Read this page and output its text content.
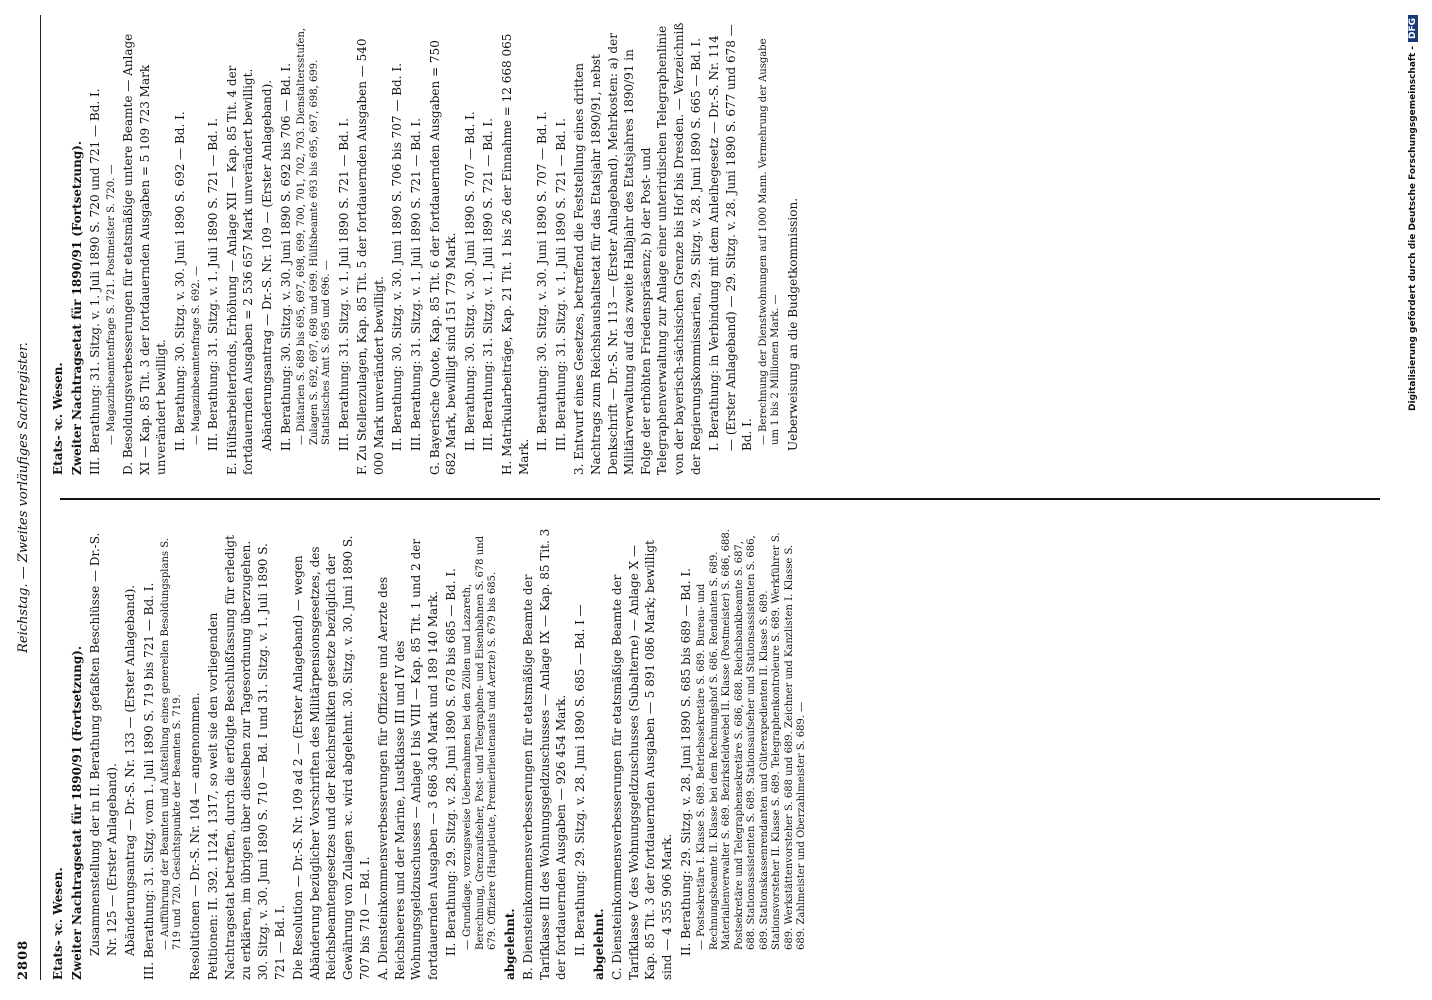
2808
Reichstag. — Zweites vorläufiges Sachregister.

Etats- ꝛc. Wesen. Zweiter Nachtragsetat für 1890/91 (Fortsetzung). Zusammenstellung der in II. Berathung gefaßten Beschlüsse — Dr.-S. Nr. 125 — (Erster Anlageband). Abänderungsantrag — Dr.-S. Nr. 133 — (Erster Anlageband). III. Berathung: 31. Sitzg. vom 1. Juli 1890 S. 719 bis 721 — Bd. I. — Aufführung der Beamten und Aufstellung eines generellen Besoldungsplans S. 719 und 720. Gesichtspunkte der Beamten S. 719. Resolutionen — Dr.-S. Nr. 104 — angenommen. Petitionen: II. 392. 1124. 1317, so weit sie den vorliegenden Nachtragsetat betreffen, durch die erfolgte Beschlußfassung für erledigt zu erklären, im übrigen über dieselben zur Tagesordnung überzugehen. 30. Sitzg. v. 30. Juni 1890 S. 710 — Bd. I und 31. Sitzg. v. 1. Juli 1890 S. 721 — Bd. I. Die Resolution — Dr.-S. Nr. 109 ad 2 — (Erster Anlageband) — wegen Abänderung bezüglicher Vorschriften des Militärpensionsgesetzes, des Reichsbeamtengesetzes und der Reichsrelikten gesetze bezüglich der Gewährung von Zulagen ꝛc. wird abgelehnt. 30. Sitzg. v. 30. Juni 1890 S. 707 bis 710 — Bd. I. A. Diensteinkommensverbesserungen für Offiziere und Aerzte des Reichsheeres und der Marine, Lustklasse III und IV des Wohnungsgeldzuschusses — Anlage I bis VIII — Kap. 85 Tit. 1 und 2 der fortdauernden Ausgaben — 3 686 340 Mark und 189 140 Mark. II. Berathung: 29. Sitzg. v. 28. Juni 1890 S. 678 bis 685 — Bd. I. — Grundlage, vorzugsweise Uebernahmen bei den Zöllen und Lazareth, Berechnung, Grenzaufseher, Post- und Telegraphen- und Eisenbahnen S. 678 und 679. Offiziere (Hauptleute, Premierlieutenants und Aerzte) S. 679 bis 685. abgelehnt. B. Diensteinkommensverbesserungen für etatsmäßige Beamte der Tarifklasse III des Wohnungsgeldzuschusses — Anlage IX — Kap. 85 Tit. 3 der fortdauernden Ausgaben — 926 454 Mark. II. Berathung: 29. Sitzg. v. 28. Juni 1890 S. 685 — Bd. I — abgelehnt. C. Diensteinkommensverbesserungen für etatsmäßige Beamte der Tarifklasse V des Wohnungsgeldzuschusses (Subalterne) — Anlage X — Kap. 85 Tit. 3 der fortdauernden Ausgaben — 5 891 086 Mark; bewilligt sind — 4 355 906 Mark. II. Berathung: 29. Sitzg. v. 28. Juni 1890 S. 685 bis 689 — Bd. I. — Postsekretäre I. Klasse S. 689. Betriebssekretäre S. 689. Bureau- und Rechnungsbeamte II. Klasse bei dem Rechnungshof S. 686. Rendanten S. 689. Materialienverwalter S. 689. Bezirksfeldwebel II. Klasse (Postmeister) S. 686, 688. Postsekretäre und Telegraphensekretäre S. 686, 688. Reichsbankbeamte S. 687, 688. Stationsassistenten S. 689. Stationsaufseher und Stationsassistenten S. 686, 689. Stationskassenrendanten und Güterexpedienten II. Klasse S. 689. Stationsvorsteher II. Klasse S. 689. Telegraphenkontroleure S. 689. Werkführer S. 689. Werkstättenvorsteher S. 688 und 689. Zeichner und Kanzlisten I. Klasse S. 689. Zahlmeister und Oberzahlmeister S. 689. —

Etats- ꝛc. Wesen. Zweiter Nachtragsetat für 1890/91 (Fortsetzung). III. Berathung: 31. Sitzg. v. 1. Juli 1890 S. 720 und 721 — Bd. I. — Magazinbeamtenfrage S. 721. Postmeister S. 720. — D. Besoldungsverbesserungen für etatsmäßige untere Beamte — Anlage XI — Kap. 85 Tit. 3 der fortdauernden Ausgaben = 5 109 723 Mark unverändert bewilligt. II. Berathung: 30. Sitzg. v. 30. Juni 1890 S. 692 — Bd. I. — Magazinbeamtenfrage S. 692. — III. Berathung: 31. Sitzg. v. 1. Juli 1890 S. 721 — Bd. I. E. Hülfsarbeiterfonds, Erhöhung — Anlage XII — Kap. 85 Tit. 4 der fortdauernden Ausgaben = 2 536 657 Mark unverändert bewilligt. Abänderungsantrag — Dr.-S. Nr. 109 — (Erster Anlageband). II. Berathung: 30. Sitzg. v. 30. Juni 1890 S. 692 bis 706 — Bd. I. — Diätarien S. 689 bis 695, 697, 698, 699, 700, 701, 702, 703. Dienstaltersstufen, Zulagen S. 692, 697, 698 und 699. Hülfsbeamte 693 bis 695, 697, 698, 699. Statistisches Amt S. 695 und 696. — III. Berathung: 31. Sitzg. v. 1. Juli 1890 S. 721 — Bd. I. F. Zu Stellenzulagen, Kap. 85 Tit. 5 der fortdauernden Ausgaben — 540 000 Mark unverändert bewilligt. II. Berathung: 30. Sitzg. v. 30. Juni 1890 S. 706 bis 707 — Bd. I. III. Berathung: 31. Sitzg. v. 1. Juli 1890 S. 721 — Bd. I. G. Bayerische Quote, Kap. 85 Tit. 6 der fortdauernden Ausgaben = 750 682 Mark, bewilligt sind 151 779 Mark. II. Berathung: 30. Sitzg. v. 30. Juni 1890 S. 707 — Bd. I. III. Berathung: 31. Sitzg. v. 1. Juli 1890 S. 721 — Bd. I. H. Matrikularbeiträge, Kap. 21 Tit. 1 bis 26 der Einnahme = 12 668 065 Mark.

II. Berathung: 30. Sitzg. v. 30. Juni 1890 S. 707 — Bd. I. III. Berathung: 31. Sitzg. v. 1. Juli 1890 S. 721 — Bd. I. 3. Entwurf eines Gesetzes, betreffend die Feststellung eines dritten Nachtrags zum Reichshaushaltsetat für das Etatsjahr 1890/91, nebst Denkschrift — Dr.-S. Nr. 113 — (Erster Anlageband). Mehrkosten: a) der Militärverwaltung auf das zweite Halbjahr des Etatsjahres 1890/91 in Folge der erhöhten Friedenspräsenz; b) der Post- und Telegraphenverwaltung zur Anlage einer unterirdischen Telegraphenlinie von der bayerisch-sächsischen Grenze bis Hof bis Dresden. — Verzeichniß der Regierungskommissarien, 29. Sitzg. v. 28. Juni 1890 S. 665 — Bd. I. I. Berathung: in Verbindung mit dem Anleihegesetz — Dr.-S. Nr. 114 — (Erster Anlageband) — 29. Sitzg. v. 28. Juni 1890 S. 677 und 678 — Bd. I. — Berechnung der Dienstwohnungen auf 1000 Mann. Vermehrung der Ausgabe um 1 bis 2 Millionen Mark. — Ueberweisung an die Budgetkommission.	Digitalisierung gefördert durch die Deutsche Forschungsgemeinschaft -DFG
